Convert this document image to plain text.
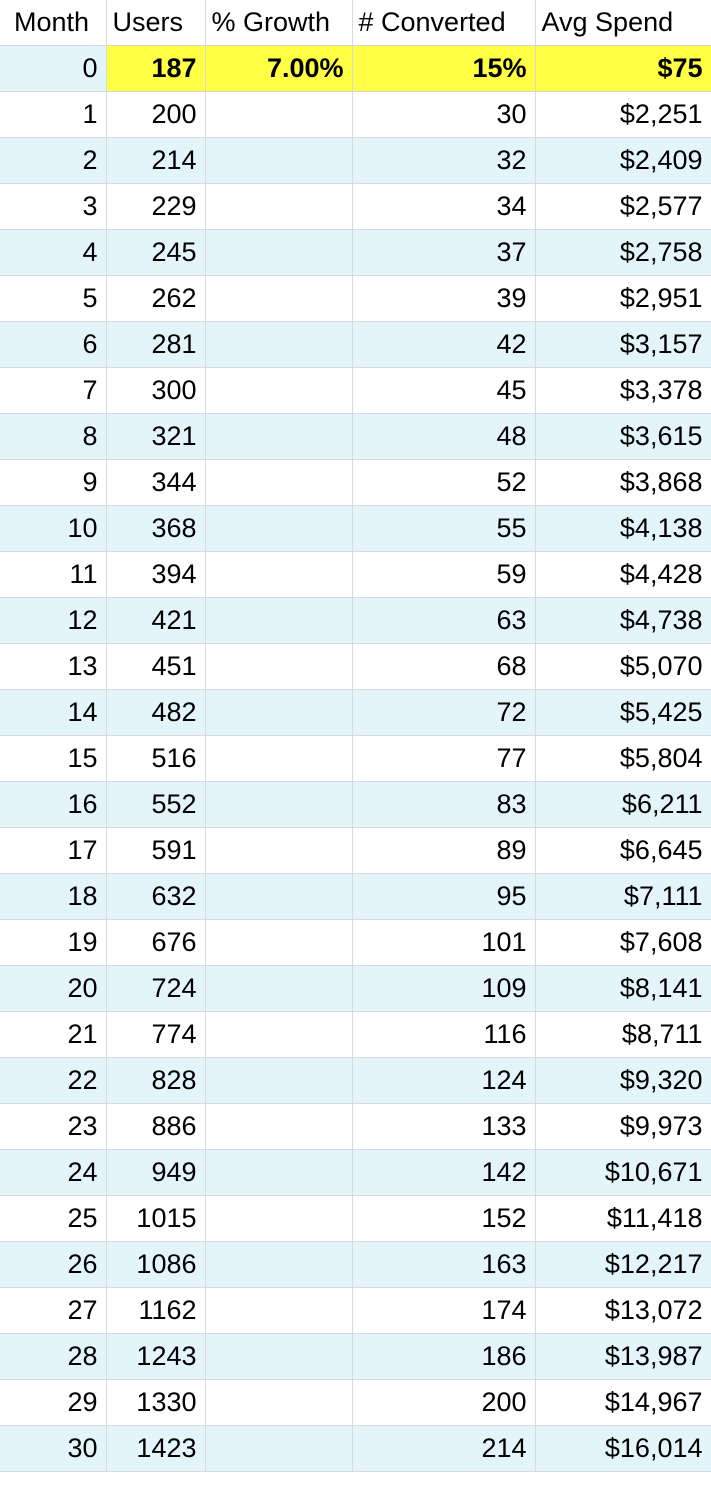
Month	Users	% Growth	# Converted	Avg Spend
0	187	7.00%	15%	$75
1	200		30	$2,251
2	214		32	$2,409
3	229		34	$2,577
4	245		37	$2,758
5	262		39	$2,951
6	281		42	$3,157
7	300		45	$3,378
8	321		48	$3,615
9	344		52	$3,868
10	368		55	$4,138
11	394		59	$4,428
12	421		63	$4,738
13	451		68	$5,070
14	482		72	$5,425
15	516		77	$5,804
16	552		83	$6,211
17	591		89	$6,645
18	632		95	$7,111
19	676		101	$7,608
20	724		109	$8,141
21	774		116	$8,711
22	828		124	$9,320
23	886		133	$9,973
24	949		142	$10,671
25	1015		152	$11,418
26	1086		163	$12,217
27	1162		174	$13,072
28	1243		186	$13,987
29	1330		200	$14,967
30	1423		214	$16,014
